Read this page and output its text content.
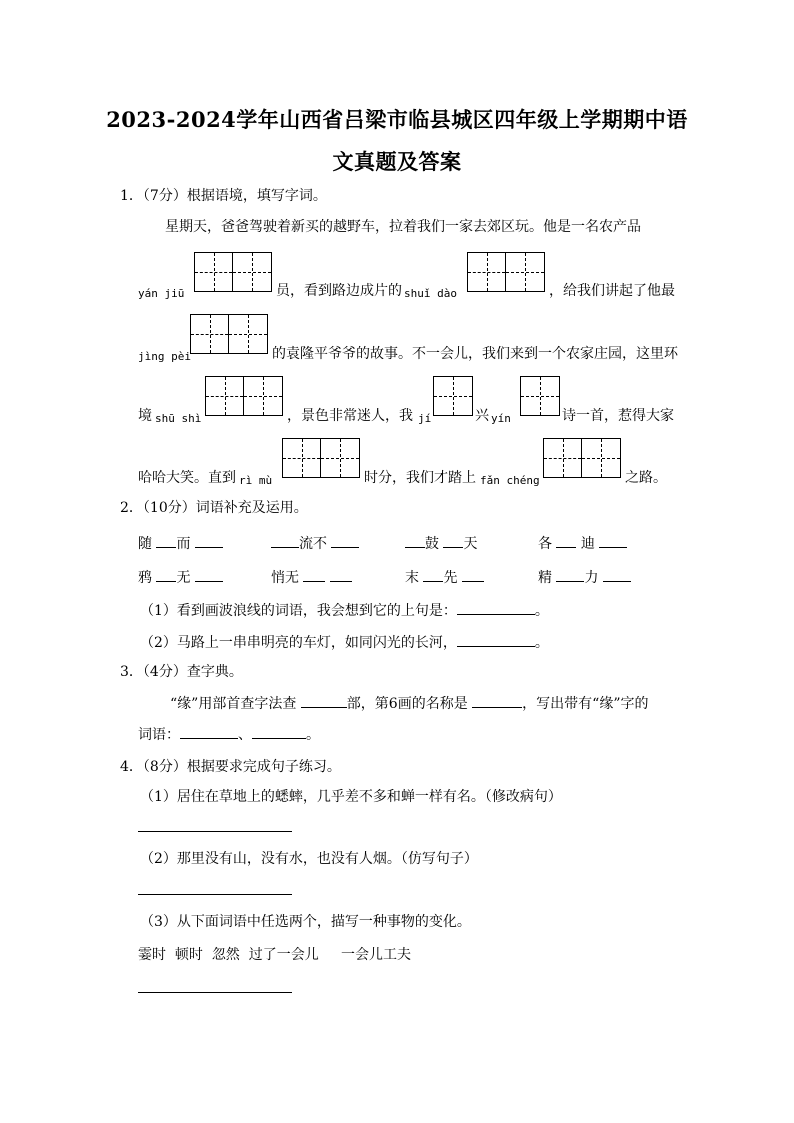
2023-2024学年山西省吕梁市临县城区四年级上学期期中语
文真题及答案
1．（7分）根据语境，填写字词。
星期天，爸爸驾驶着新买的越野车，拉着我们一家去郊区玩。他是一名农产品
yán jiū	员，看到路边成片的 shuǐ dào	，给我们讲起了他最
jìng pèi	的袁隆平爷爷的故事。不一会儿，我们来到一个农家庄园，这里环
境 shū shì	，景色非常迷人，我 jí	兴 yín	诗一首，惹得大家
哈哈大笑。直到 rì mù	时分，我们才踏上 fǎn chéng	之路。
2．（10分）词语补充及运用。
随 而	流不	鼓 天	各 迪
鸦 无	悄无	末 先	精 力
（1）看到画波浪线的词语，我会想到它的上句是：	。
（2）马路上一串串明亮的车灯，如同闪光的长河，	。
3．（4分）查字典。
“缘”用部首查字法查	部，第6画的名称是	，写出带有“缘”字的
词语：	、	。
4．（8分）根据要求完成句子练习。
（1）居住在草地上的蟋蟀，几乎差不多和蝉一样有名。（修改病句）
（2）那里没有山，没有水，也没有人烟。（仿写句子）
（3）从下面词语中任选两个，描写一种事物的变化。
霎时 顿时 忽然 过了一会儿 一会儿工夫
